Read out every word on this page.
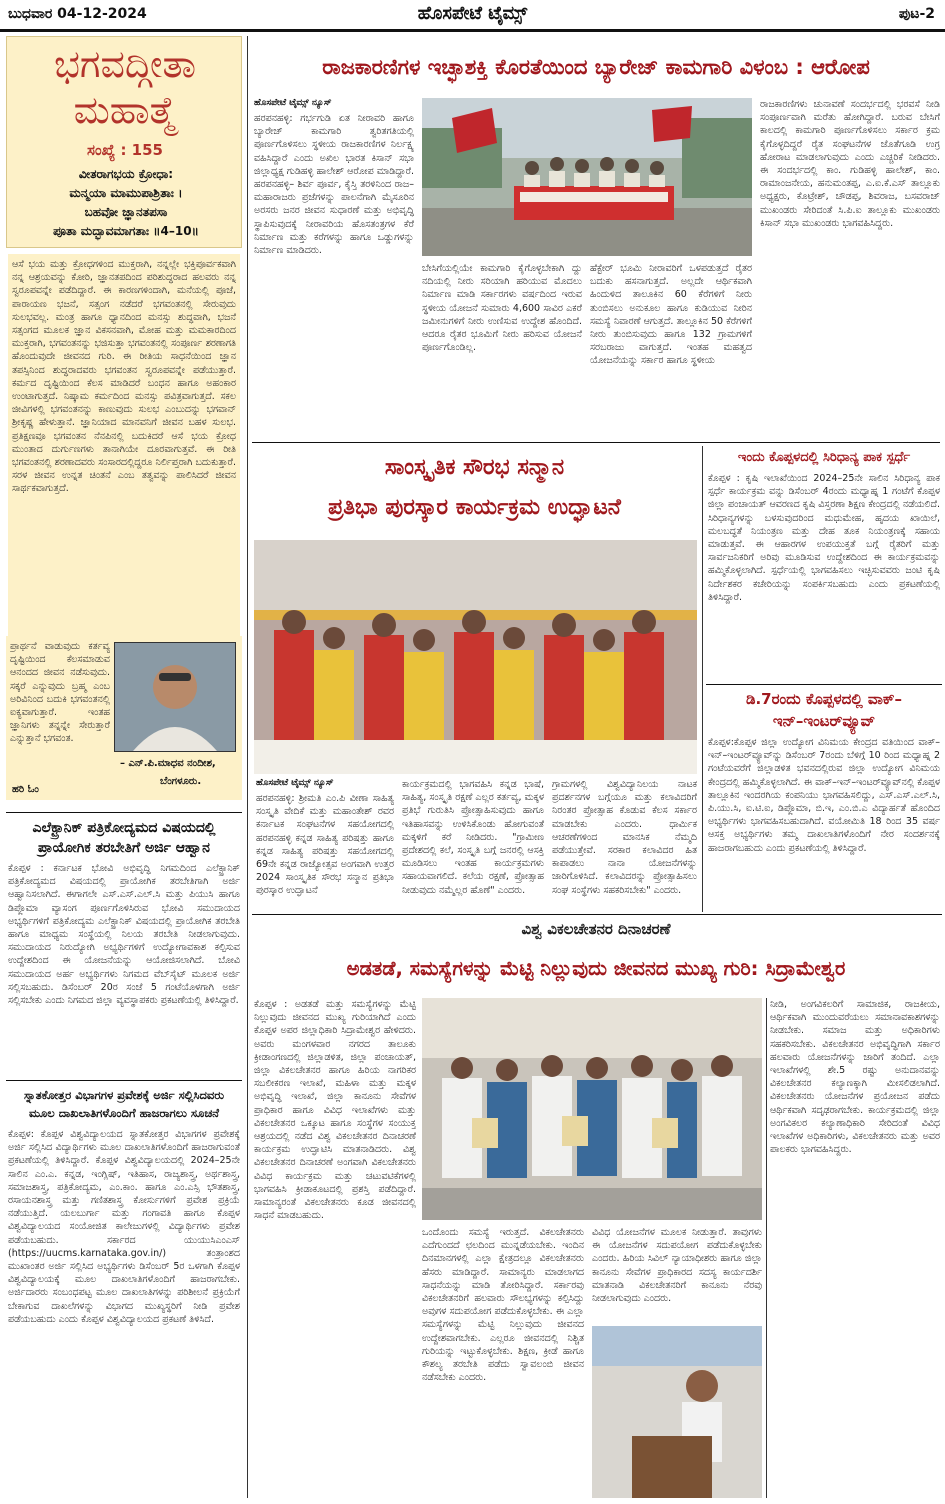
ಬುಧವಾರ 04-12-2024	ಹೊಸಪೇಟೆ ಟೈಮ್ಸ್	ಪುಟ-2
ಭಗವದ್ಗೀತಾ
ಮಹಾತ್ಮೆ
ಸಂಖ್ಯೆ : 155
ವೀತರಾಗಭಯ ಕ್ರೋಧಾ:
ಮನ್ಮಯಾ ಮಾಮುಪಾಶ್ರಿತಾಃ ।
ಬಹವೋ ಜ್ಞಾನತಪಸಾ
ಪೂತಾ ಮದ್ಭಾವಮಾಗತಾಃ ॥4–10॥
ಆಸೆ ಭಯ ಮತ್ತು ಕ್ರೋಧಗಳಿಂದ ಮುಕ್ತರಾಗಿ, ನನ್ನಲ್ಲೇ ಭಕ್ತಿಪೂರ್ವಕವಾಗಿ ನನ್ನ ಆಶ್ರಯವನ್ನು ಕೋರಿ, ಜ್ಞಾನತಪದಿಂದ ಪರಿಶುದ್ಧರಾದ ಹಲವರು ನನ್ನ ಸ್ವರೂಪವನ್ನೇ ಪಡೆದಿದ್ದಾರೆ. ಈ ಕಾರಣಗಳಿಂದಾಗಿ, ಮನೆಯಲ್ಲಿ ಪೂಜೆ, ಪಾರಾಯಣ ಭಜನೆ, ಸತ್ಸಂಗ ನಡೆದರೆ ಭಗವಂತನಲ್ಲಿ ಸೇರುವುದು ಸುಲಭವಲ್ಲ. ಮಂತ್ರ ಹಾಗೂ ಧ್ಯಾನದಿಂದ ಮನಸ್ಸು ಶುದ್ಧವಾಗಿ, ಭಜನೆ ಸತ್ಸಂಗದ ಮೂಲಕ ಜ್ಞಾನ ವಿಕಸನವಾಗಿ, ಮೋಹ ಮತ್ತು ಮಮಕಾರದಿಂದ ಮುಕ್ತರಾಗಿ, ಭಗವಂತನನ್ನು ಭಜಿಸುತ್ತಾ ಭಗವಂತನಲ್ಲಿ ಸಂಪೂರ್ಣ ಶರಣಾಗತಿ ಹೊಂದುವುದೇ ಜೀವನದ ಗುರಿ. ಈ ರೀತಿಯ ಸಾಧನೆಯಿಂದ ಜ್ಞಾನ ತಪಸ್ಸಿನಿಂದ ಶುದ್ಧರಾದವರು ಭಗವಂತನ ಸ್ವರೂಪವನ್ನೇ ಪಡೆಯುತ್ತಾರೆ. ಕರ್ಮದ ದೃಷ್ಟಿಯಿಂದ ಕೆಲಸ ಮಾಡಿದರೆ ಬಂಧನ ಹಾಗೂ ಅಹಂಕಾರ ಉಂಟಾಗುತ್ತದೆ. ನಿಷ್ಕಾಮ ಕರ್ಮದಿಂದ ಮನಸ್ಸು ಪವಿತ್ರವಾಗುತ್ತದೆ. ಸಕಲ ಜೀವಿಗಳಲ್ಲಿ ಭಗವಂತನನ್ನು ಕಾಣುವುದು ಸುಲಭ ಎಂಬುದನ್ನು ಭಗವಾನ್ ಶ್ರೀಕೃಷ್ಣ ಹೇಳುತ್ತಾನೆ. ಜ್ಞಾನಿಯಾದ ಮಾನವನಿಗೆ ಜೀವನ ಬಹಳ ಸುಲಭ. ಪ್ರತಿಕ್ಷಣವೂ ಭಗವಂತನ ನೆನಪಿನಲ್ಲಿ ಬದುಕಿದರೆ ಆಸೆ ಭಯ ಕ್ರೋಧ ಮುಂತಾದ ದುರ್ಗುಣಗಳು ತಾನಾಗಿಯೇ ದೂರವಾಗುತ್ತವೆ. ಈ ರೀತಿ ಭಗವಂತನಲ್ಲಿ ಶರಣಾದವರು ಸಂಸಾರದಲ್ಲಿದ್ದರೂ ನಿರ್ಲಿಪ್ತರಾಗಿ ಬದುಕುತ್ತಾರೆ. ಸರಳ ಜೀವನ ಉನ್ನತ ಚಿಂತನೆ ಎಂಬ ತತ್ವವನ್ನು ಪಾಲಿಸಿದರೆ ಜೀವನ ಸಾರ್ಥಕವಾಗುತ್ತದೆ.
ಪ್ರಾರ್ಥನೆ ವಾಡುವುದು ಕರ್ತವ್ಯ ದೃಷ್ಟಿಯಿಂದ ಕೆಲಸಮಾಡುವ ಆನಂದದ ಜೀವನ ನಡೆಸುವುದು. ಸಕ್ಕರೆ ಎನ್ನುವುದು ಬ್ರಹ್ಮ ಎಂಬ ಅರಿವಿನಿಂದ ಬದುಕಿ ಭಗವಂತನಲ್ಲಿ ಐಕ್ಯವಾಗುತ್ತಾರೆ. ಇಂತಹ ಜ್ಞಾನಿಗಳು ತನ್ನನ್ನೇ ಸೇರುತ್ತಾರೆ ಎನ್ನುತ್ತಾನೆ ಭಗವಂತ.
– ಎನ್.ಪಿ.ಮಾಧವ ನಂದೀಶ,
ಬೆಂಗಳೂರು.
ಹರಿ ಓಂ
ಎಲೆಕ್ಟ್ರಾನಿಕ್ ಪತ್ರಿಕೋದ್ಯಮದ ವಿಷಯದಲ್ಲಿ
ಪ್ರಾಯೋಗಿಕ ತರಬೇತಿಗೆ ಅರ್ಜಿ ಆಹ್ವಾನ
ಕೊಪ್ಪಳ : ಕರ್ನಾಟಕ ಭೋವಿ ಅಭಿವೃದ್ಧಿ ನಿಗಮದಿಂದ ಎಲೆಕ್ಟ್ರಾನಿಕ್ ಪತ್ರಿಕೋದ್ಯಮದ ವಿಷಯದಲ್ಲಿ ಪ್ರಾಯೋಗಿಕ ತರಬೇತಿಗಾಗಿ ಅರ್ಜಿ ಆಹ್ವಾನಿಸಲಾಗಿದೆ. ಈಗಾಗಲೇ ಎಸ್.ಎಸ್.ಎಲ್.ಸಿ ಮತ್ತು ಪಿಯುಸಿ ಹಾಗೂ ಡಿಪ್ಲೊಮಾ ವ್ಯಾಸಂಗ ಪೂರ್ಣಗೊಳಿಸಿರುವ ಭೋವಿ ಸಮುದಾಯದ ಅಭ್ಯರ್ಥಿಗಳಿಗೆ ಪತ್ರಿಕೋದ್ಯಮ ಎಲೆಕ್ಟ್ರಾನಿಕ್ ವಿಷಯದಲ್ಲಿ ಪ್ರಾಯೋಗಿಕ ತರಬೇತಿ ಹಾಗೂ ಮಾಧ್ಯಮ ಸಂಸ್ಥೆಯಲ್ಲಿ ನಿಲಯ ತರಬೇತಿ ನೀಡಲಾಗುವುದು. ಸಮುದಾಯದ ನಿರುದ್ಯೋಗಿ ಅಭ್ಯರ್ಥಿಗಳಿಗೆ ಉದ್ಯೋಗಾವಕಾಶ ಕಲ್ಪಿಸುವ ಉದ್ದೇಶದಿಂದ ಈ ಯೋಜನೆಯನ್ನು ಆಯೋಜಿಸಲಾಗಿದೆ. ಬೋವಿ ಸಮುದಾಯದ ಅರ್ಹ ಅಭ್ಯರ್ಥಿಗಳು ನಿಗಮದ ವೆಬ್‌ಸೈಟ್ ಮೂಲಕ ಅರ್ಜಿ ಸಲ್ಲಿಸಬಹುದು. ಡಿಸೆಂಬರ್ 20ರ ಸಂಜೆ 5 ಗಂಟೆಯೊಳಗಾಗಿ ಅರ್ಜಿ ಸಲ್ಲಿಸಬೇಕು ಎಂದು ನಿಗಮದ ಜಿಲ್ಲಾ ವ್ಯವಸ್ಥಾಪಕರು ಪ್ರಕಟಣೆಯಲ್ಲಿ ತಿಳಿಸಿದ್ದಾರೆ.
ಸ್ನಾತಕೋತ್ತರ ವಿಭಾಗಗಳ ಪ್ರವೇಶಕ್ಕೆ ಅರ್ಜಿ ಸಲ್ಲಿಸಿದವರು
ಮೂಲ ದಾಖಲಾತಿಗಳೊಂದಿಗೆ ಹಾಜರಾಗಲು ಸೂಚನೆ
ಕೊಪ್ಪಳ: ಕೊಪ್ಪಳ ವಿಶ್ವವಿದ್ಯಾಲಯದ ಸ್ನಾತಕೋತ್ತರ ವಿಭಾಗಗಳ ಪ್ರವೇಶಕ್ಕೆ ಅರ್ಜಿ ಸಲ್ಲಿಸಿದ ವಿದ್ಯಾರ್ಥಿಗಳು ಮೂಲ ದಾಖಲಾತಿಗಳೊಂದಿಗೆ ಹಾಜರಾಗುವಂತೆ ಪ್ರಕಟಣೆಯಲ್ಲಿ ತಿಳಿಸಿದ್ದಾರೆ. ಕೊಪ್ಪಳ ವಿಶ್ವವಿದ್ಯಾಲಯದಲ್ಲಿ 2024–25ನೇ ಸಾಲಿನ ಎಂ.ಎ. ಕನ್ನಡ, ಇಂಗ್ಲಿಷ್, ಇತಿಹಾಸ, ರಾಜ್ಯಶಾಸ್ತ್ರ, ಅರ್ಥಶಾಸ್ತ್ರ, ಸಮಾಜಶಾಸ್ತ್ರ, ಪತ್ರಿಕೋದ್ಯಮ, ಎಂ.ಕಾಂ. ಹಾಗೂ ಎಂ.ಎಸ್ಸಿ ಭೌತಶಾಸ್ತ್ರ, ರಸಾಯನಶಾಸ್ತ್ರ ಮತ್ತು ಗಣಿತಶಾಸ್ತ್ರ ಕೋರ್ಸುಗಳಿಗೆ ಪ್ರವೇಶ ಪ್ರಕ್ರಿಯೆ ನಡೆಯುತ್ತಿದೆ. ಯಲಬುರ್ಗಾ ಮತ್ತು ಗಂಗಾವತಿ ಹಾಗೂ ಕೊಪ್ಪಳ ವಿಶ್ವವಿದ್ಯಾಲಯದ ಸಂಯೋಜಿತ ಕಾಲೇಜುಗಳಲ್ಲಿ ವಿದ್ಯಾರ್ಥಿಗಳು ಪ್ರವೇಶ ಪಡೆಯಬಹುದು. ಸರ್ಕಾರದ ಯುಯುಸಿಎಂಎಸ್ (https://uucms.karnataka.gov.in/) ತಂತ್ರಾಂಶದ ಮುಖಾಂತರ ಅರ್ಜಿ ಸಲ್ಲಿಸಿದ ಅಭ್ಯರ್ಥಿಗಳು ಡಿಸೆಂಬರ್ 5ರ ಒಳಗಾಗಿ ಕೊಪ್ಪಳ ವಿಶ್ವವಿದ್ಯಾಲಯಕ್ಕೆ ಮೂಲ ದಾಖಲಾತಿಗಳೊಂದಿಗೆ ಹಾಜರಾಗಬೇಕು. ಅರ್ಜಿದಾರರು ಸಂಬಂಧಪಟ್ಟ ಮೂಲ ದಾಖಲಾತಿಗಳನ್ನು ಪರಿಶೀಲನೆ ಪ್ರಕ್ರಿಯೆಗೆ ಬೇಕಾಗುವ ದಾಖಲೆಗಳನ್ನು ವಿಭಾಗದ ಮುಖ್ಯಸ್ಥರಿಗೆ ನೀಡಿ ಪ್ರವೇಶ ಪಡೆಯಬಹುದು ಎಂದು ಕೊಪ್ಪಳ ವಿಶ್ವವಿದ್ಯಾಲಯದ ಪ್ರಕಟಣೆ ತಿಳಿಸಿದೆ.
ರಾಜಕಾರಣಿಗಳ ಇಚ್ಛಾಶಕ್ತಿ ಕೊರತೆಯಿಂದ ಬ್ಯಾರೇಜ್ ಕಾಮಗಾರಿ ವಿಳಂಬ : ಆರೋಪ
ಹೊಸಪೇಟೆ ಟೈಮ್ಸ್ ನ್ಯೂಸ್
ಹರಪನಹಳ್ಳಿ: ಗರ್ಭಗುಡಿ ಏತ ನೀರಾವರಿ ಹಾಗೂ ಬ್ಯಾರೇಜ್ ಕಾಮಗಾರಿ ತ್ವರಿತಗತಿಯಲ್ಲಿ ಪೂರ್ಣಗೊಳಿಸಲು ಸ್ಥಳೀಯ ರಾಜಕಾರಣಿಗಳ ನಿರ್ಲಕ್ಷ್ಯ ವಹಿಸಿದ್ದಾರೆ ಎಂದು ಅಖಿಲ ಭಾರತ ಕಿಸಾನ್ ಸಭಾ ಜಿಲ್ಲಾಧ್ಯಕ್ಷ ಗುಡಿಹಳ್ಳಿ ಹಾಲೇಶ್ ಆರೋಪ ಮಾಡಿದ್ದಾರೆ. ಹರಪನಹಳ್ಳಿ– ಶಿರ್ವ ಪೂರ್ವ, ಕೈಸ್ತಿ ತರಳಿನಿಂದ ರಾಜ–ಮಹಾರಾಜರು ಪ್ರಜೆಗಳನ್ನು ಪಾಲನೆಗಾಗಿ ಮೈಸೂರಿನ ಅರಸರು ಜನರ ಜೀವನ ಸುಧಾರಣೆ ಮತ್ತು ಅಭಿವೃದ್ಧಿ ಸ್ಥಾಪಿಸುವುದಕ್ಕೆ ನೀರಾವರಿಯ ಹೊಸತಂತ್ರಗಳ ಕೆರೆ ನಿರ್ಮಾಣ ಮತ್ತು ಕರೆಗಳನ್ನು ಹಾಗೂ ಒಡ್ಡುಗಳನ್ನು ನಿರ್ಮಾಣ ಮಾಡಿದರು.
ಬೇಸಿಗೆಯಲ್ಲಿಯೇ ಕಾಮಗಾರಿ ಕೈಗೊಳ್ಳಬೇಕಾಗಿ ದ್ದು ನದಿಯಲ್ಲಿ ನೀರು ಸರಿಯಾಗಿ ಹರಿಯುವ ಮೊದಲು ನಿರ್ಮಾಣ ಮಾಡಿ ಸರ್ಕಾರಗಳು ವರ್ಷದಿಂದ ಇರುವ ಸ್ಥಳೀಯ ಯೋಜನೆ ಸುಮಾರು 4,600 ಸಾವಿರ ಎಕರೆ ಜಮೀನುಗಳಿಗೆ ನೀರು ಉಣಿಸುವ ಉದ್ದೇಶ ಹೊಂದಿದೆ. ಆದರೂ ರೈತರ ಭೂಮಿಗೆ ನೀರು ಹರಿಸುವ ಯೋಜನೆ ಪೂರ್ಣಗೊಂಡಿಲ್ಲ.
ಹೆಕ್ಟೇರ್ ಭೂಮಿ ನೀರಾವರಿಗೆ ಒಳಪಡುತ್ತದೆ ರೈತರ ಬದುಕು ಹಸನಾಗುತ್ತದೆ. ಅಲ್ಲದೇ ಆರ್ಥಿಕವಾಗಿ ಹಿಂದುಳಿದ ತಾಲೂಕಿನ 60 ಕೆರೆಗಳಿಗೆ ನೀರು ತುಂಬಿಸಲು ಅನುಕೂಲ ಹಾಗೂ ಕುಡಿಯುವ ನೀರಿನ ಸಮಸ್ಯೆ ನಿವಾರಣೆ ಆಗುತ್ತದೆ. ತಾಲ್ಲೂಕಿನ 50 ಕೆರೆಗಳಿಗೆ ನೀರು ತುಂಬಿಸುವುದು ಹಾಗೂ 132 ಗ್ರಾಮಗಳಿಗೆ ಸರಬರಾಜು ವಾಗುತ್ತದೆ. ಇಂತಹ ಮಹತ್ವದ ಯೋಜನೆಯನ್ನು ಸರ್ಕಾರ ಹಾಗೂ ಸ್ಥಳೀಯ
ರಾಜಕಾರಣಿಗಳು ಚುನಾವಣೆ ಸಂದರ್ಭದಲ್ಲಿ ಭರವಸೆ ನೀಡಿ ಸಂಪೂರ್ಣವಾಗಿ ಮರೆತು ಹೋಗಿದ್ದಾರೆ. ಬರುವ ಬೇಸಿಗೆ ಕಾಲದಲ್ಲಿ ಕಾಮಗಾರಿ ಪೂರ್ಣಗೊಳಿಸಲು ಸರ್ಕಾರ ಕ್ರಮ ಕೈಗೊಳ್ಳದಿದ್ದರೆ ರೈತ ಸಂಘಟನೆಗಳ ಜೊತೆಗೂಡಿ ಉಗ್ರ ಹೋರಾಟ ಮಾಡಲಾಗುವುದು ಎಂದು ಎಚ್ಚರಿಕೆ ನೀಡಿದರು. ಈ ಸಂದರ್ಭದಲ್ಲಿ ಕಾಂ. ಗುಡಿಹಳ್ಳಿ ಹಾಲೇಶ್, ಕಾಂ. ರಾಮಾಂಜನೇಯ, ಹನುಮಂತಪ್ಪ, ಎ.ಐ.ಕೆ.ಎಸ್ ತಾಲ್ಲೂಕು ಅಧ್ಯಕ್ಷರು, ಕೊಟ್ರೇಶ್, ಚೌಡಪ್ಪ, ಶಿವರಾಜ, ಬಸವರಾಜ್ ಮುಖಂಡರು ಸೇರಿದಂತೆ ಸಿ.ಪಿ.ಐ ತಾಲ್ಲೂಕು ಮುಖಂಡರು ಕಿಸಾನ್ ಸಭಾ ಮುಖಂಡರು ಭಾಗವಹಿಸಿದ್ದರು.
ಸಾಂಸ್ಕೃತಿಕ ಸೌರಭ ಸನ್ಮಾನ
ಪ್ರತಿಭಾ ಪುರಸ್ಕಾರ ಕಾರ್ಯಕ್ರಮ ಉದ್ಘಾಟನೆ
ಹೊಸಪೇಟೆ ಟೈಮ್ಸ್ ನ್ಯೂಸ್
ಹರಪನಹಳ್ಳಿ: ಶ್ರೀಮತಿ ಎಂ.ಪಿ ವೀಣಾ ಸಾಹಿತ್ಯ ಸಂಸ್ಕೃತಿ ವೇದಿಕೆ ಮತ್ತು ಮಹಾಂತೇಶ್ ರವರ ಕರ್ನಾಟಕ ಸಂಘಟನೆಗಳ ಸಹಯೋಗದಲ್ಲಿ ಹರಪನಹಳ್ಳಿ ಕನ್ನಡ ಸಾಹಿತ್ಯ ಪರಿಷತ್ತು ಹಾಗೂ ಕನ್ನಡ ಸಾಹಿತ್ಯ ಪರಿಷತ್ತು ಸಹಯೋಗದಲ್ಲಿ 69ನೇ ಕನ್ನಡ ರಾಜ್ಯೋತ್ಸವ ಅಂಗವಾಗಿ ಉತ್ತರ 2024 ಸಾಂಸ್ಕೃತಿಕ ಸೌರಭ ಸನ್ಮಾನ ಪ್ರತಿಭಾ ಪುರಸ್ಕಾರ ಉದ್ಘಾಟನೆ
ಕಾರ್ಯಕ್ರಮದಲ್ಲಿ ಭಾಗವಹಿಸಿ ಕನ್ನಡ ಭಾಷೆ, ಸಾಹಿತ್ಯ, ಸಂಸ್ಕೃತಿ ರಕ್ಷಣೆ ಎಲ್ಲರ ಕರ್ತವ್ಯ, ಮಕ್ಕಳ ಪ್ರತಿಭೆ ಗುರುತಿಸಿ ಪ್ರೋತ್ಸಾಹಿಸುವುದು ಹಾಗೂ ಇತಿಹಾಸವನ್ನು ಉಳಿಸಿಕೊಂಡು ಹೋಗುವಂತೆ ಮಕ್ಕಳಿಗೆ ಕರೆ ನೀಡಿದರು. "ಗ್ರಾಮೀಣ ಪ್ರದೇಶದಲ್ಲಿ ಕಲೆ, ಸಂಸ್ಕೃತಿ ಬಗ್ಗೆ ಜನರಲ್ಲಿ ಆಸಕ್ತಿ ಮೂಡಿಸಲು ಇಂತಹ ಕಾರ್ಯಕ್ರಮಗಳು ಸಹಾಯವಾಗಲಿದೆ. ಕಲೆಯ ರಕ್ಷಣೆ, ಪ್ರೋತ್ಸಾಹ ನೀಡುವುದು ನಮ್ಮೆಲ್ಲರ ಹೊಣೆ" ಎಂದರು.
ಗ್ರಾಮಗಳಲ್ಲಿ ವಿಶ್ವವಿದ್ಯಾನಿಲಯ ನಾಟಕ ಪ್ರದರ್ಶನಗಳ ಬಗ್ಗೆಯೂ ಮತ್ತು ಕಲಾವಿದರಿಗೆ ನಿರಂತರ ಪ್ರೋತ್ಸಾಹ ಕೊಡುವ ಕೆಲಸ ಸರ್ಕಾರ ಮಾಡಬೇಕು ಎಂದರು. ಧಾರ್ಮಿಕ ಆಚರಣೆಗಳಿಂದ ಮಾನಸಿಕ ನೆಮ್ಮದಿ ಪಡೆಯುತ್ತೇವೆ. ಸರಕಾರ ಕಲಾವಿದರ ಹಿತ ಕಾಪಾಡಲು ನಾನಾ ಯೋಜನೆಗಳನ್ನು ಜಾರಿಗೊಳಿಸಿದೆ. ಕಲಾವಿದರನ್ನು ಪ್ರೋತ್ಸಾಹಿಸಲು ಸಂಘ ಸಂಸ್ಥೆಗಳು ಸಹಕರಿಸಬೇಕು" ಎಂದರು.
ಇಂದು ಕೊಪ್ಪಳದಲ್ಲಿ ಸಿರಿಧಾನ್ಯ ಪಾಕ ಸ್ಪರ್ಧೆ
ಕೊಪ್ಪಳ : ಕೃಷಿ ಇಲಾಖೆಯಿಂದ 2024–25ನೇ ಸಾಲಿನ ಸಿರಿಧಾನ್ಯ ಪಾಕ ಸ್ಪರ್ಧೆ ಕಾರ್ಯಕ್ರಮ ವನ್ನು ಡಿಸೆಂಬರ್ 4ರಂದು ಮಧ್ಯಾಹ್ನ 1 ಗಂಟೆಗೆ ಕೊಪ್ಪಳ ಜಿಲ್ಲಾ ಪಂಚಾಯತ್ ಆವರಣದ ಕೃಷಿ ವಿಸ್ತರಣಾ ಶಿಕ್ಷಣ ಕೇಂದ್ರದಲ್ಲಿ ನಡೆಯಲಿದೆ. ಸಿರಿಧಾನ್ಯಗಳನ್ನು ಬಳಸುವುದರಿಂದ ಮಧುಮೇಹ, ಹೃದಯ ಖಾಯಿಲೆ, ಮಲಬದ್ಧತೆ ನಿಯಂತ್ರಣ ಮತ್ತು ದೇಹ ತೂಕ ನಿಯಂತ್ರಣಕ್ಕೆ ಸಹಾಯ ಮಾಡುತ್ತವೆ. ಈ ಆಹಾರಗಳ ಉಪಯುಕ್ತತೆ ಬಗ್ಗೆ ರೈತರಿಗೆ ಮತ್ತು ಸಾರ್ವಜನಿಕರಿಗೆ ಅರಿವು ಮೂಡಿಸುವ ಉದ್ದೇಶದಿಂದ ಈ ಕಾರ್ಯಕ್ರಮವನ್ನು ಹಮ್ಮಿಕೊಳ್ಳಲಾಗಿದೆ. ಸ್ಪರ್ಧೆಯಲ್ಲಿ ಭಾಗವಹಿಸಲು ಇಚ್ಛಿಸುವವರು ಜಂಟಿ ಕೃಷಿ ನಿರ್ದೇಶಕರ ಕಚೇರಿಯನ್ನು ಸಂಪರ್ಕಿಸಬಹುದು ಎಂದು ಪ್ರಕಟಣೆಯಲ್ಲಿ ತಿಳಿಸಿದ್ದಾರೆ.
ಡಿ.7ರಂದು ಕೊಪ್ಪಳದಲ್ಲಿ ವಾಕ್–
ಇನ್–ಇಂಟರ್‌ವ್ಯೂವ್
ಕೊಪ್ಪಳ:ಕೊಪ್ಪಳ ಜಿಲ್ಲಾ ಉದ್ಯೋಗ ವಿನಿಮಯ ಕೇಂದ್ರದ ವತಿಯಿಂದ ವಾಕ್–ಇನ್–ಇಂಟರ್‌ವ್ಯೂವ್‌ನ್ನು ಡಿಸೆಂಬರ್ 7ರಂದು ಬೆಳಿಗ್ಗೆ 10 ರಿಂದ ಮಧ್ಯಾಹ್ನ 2 ಗಂಟೆಯವರೆಗೆ ಜಿಲ್ಲಾಡಳಿತ ಭವನದಲ್ಲಿರುವ ಜಿಲ್ಲಾ ಉದ್ಯೋಗ ವಿನಿಮಯ ಕೇಂದ್ರದಲ್ಲಿ ಹಮ್ಮಿಕೊಳ್ಳಲಾಗಿದೆ. ಈ ವಾಕ್–ಇನ್–ಇಂಟರ್‌ವ್ಯೂವ್‌ನಲ್ಲಿ ಕೊಪ್ಪಳ ತಾಲ್ಲೂಕಿನ ಇಂದರಗಿಯ ಕಂಪನಿಯು ಭಾಗವಹಿಸಲಿದ್ದು, ಎಸ್.ಎಸ್.ಎಲ್.ಸಿ, ಪಿ.ಯು.ಸಿ, ಐ.ಟಿ.ಐ, ಡಿಪ್ಲೊಮಾ, ಬಿ.ಇ, ಎಂ.ಬಿ.ಎ ವಿದ್ಯಾರ್ಹತೆ ಹೊಂದಿದ ಅಭ್ಯರ್ಥಿಗಳು ಭಾಗವಹಿಸಬಹುದಾಗಿದೆ. ವಯೋಮಿತಿ 18 ರಿಂದ 35 ವರ್ಷ ಆಸಕ್ತ ಅಭ್ಯರ್ಥಿಗಳು ತಮ್ಮ ದಾಖಲಾತಿಗಳೊಂದಿಗೆ ನೇರ ಸಂದರ್ಶನಕ್ಕೆ ಹಾಜರಾಗಬಹುದು ಎಂದು ಪ್ರಕಟಣೆಯಲ್ಲಿ ತಿಳಿಸಿದ್ದಾರೆ.
ವಿಶ್ವ ವಿಕಲಚೇತನರ ದಿನಾಚರಣೆ
ಅಡತಡೆ, ಸಮಸ್ಯೆಗಳನ್ನು ಮೆಟ್ಟಿ ನಿಲ್ಲುವುದು ಜೀವನದ ಮುಖ್ಯ ಗುರಿ: ಸಿದ್ರಾಮೇಶ್ವರ
ಕೊಪ್ಪಳ : ಅಡತಡೆ ಮತ್ತು ಸಮಸ್ಯೆಗಳನ್ನು ಮೆಟ್ಟಿ ನಿಲ್ಲುವುದು ಜೀವನದ ಮುಖ್ಯ ಗುರಿಯಾಗಿದೆ ಎಂದು ಕೊಪ್ಪಳ ಅಪರ ಜಿಲ್ಲಾಧಿಕಾರಿ ಸಿದ್ರಾಮೇಶ್ವರ ಹೇಳಿದರು. ಅವರು ಮಂಗಳವಾರ ನಗರದ ತಾಲೂಕು ಕ್ರೀಡಾಂಗಣದಲ್ಲಿ ಜಿಲ್ಲಾಡಳಿತ, ಜಿಲ್ಲಾ ಪಂಚಾಯತ್, ಜಿಲ್ಲಾ ವಿಕಲಚೇತನರ ಹಾಗೂ ಹಿರಿಯ ನಾಗರಿಕರ ಸಬಲೀಕರಣ ಇಲಾಖೆ, ಮಹಿಳಾ ಮತ್ತು ಮಕ್ಕಳ ಅಭಿವೃದ್ಧಿ ಇಲಾಖೆ, ಜಿಲ್ಲಾ ಕಾನೂನು ಸೇವೆಗಳ ಪ್ರಾಧಿಕಾರ ಹಾಗೂ ವಿವಿಧ ಇಲಾಖೆಗಳು ಮತ್ತು ವಿಕಲಚೇತನರ ಒಕ್ಕೂಟ ಹಾಗೂ ಸಂಸ್ಥೆಗಳ ಸಂಯುಕ್ತ ಆಶ್ರಯದಲ್ಲಿ ನಡೆದ ವಿಶ್ವ ವಿಕಲಚೇತನರ ದಿನಾಚರಣೆ ಕಾರ್ಯಕ್ರಮ ಉದ್ಘಾಟಿಸಿ ಮಾತನಾಡಿದರು. ವಿಶ್ವ ವಿಕಲಚೇತನರ ದಿನಾಚರಣೆ ಅಂಗವಾಗಿ ವಿಕಲಚೇತನರು ವಿವಿಧ ಕಾರ್ಯಕ್ರಮ ಮತ್ತು ಚಟುವಟಿಕೆಗಳಲ್ಲಿ ಭಾಗವಹಿಸಿ ಕ್ರೀಡಾಕೂಟದಲ್ಲಿ ಪ್ರಶಸ್ತಿ ಪಡೆದಿದ್ದಾರೆ. ಸಾಮಾನ್ಯರಂತೆ ವಿಕಲಚೇತನರು ಕೂಡ ಜೀವನದಲ್ಲಿ ಸಾಧನೆ ಮಾಡಬಹುದು.
ಒಂದೊಂದು ಸಮಸ್ಯೆ ಇರುತ್ತದೆ. ವಿಕಲಚೇತನರು ಎದೆಗುಂದದೆ ಛಲದಿಂದ ಮುನ್ನಡೆಯಬೇಕು. ಇಂದಿನ ದಿನಮಾನಗಳಲ್ಲಿ ಎಲ್ಲಾ ಕ್ಷೇತ್ರದಲ್ಲೂ ವಿಕಲಚೇತನರು ಹೆಸರು ಮಾಡಿದ್ದಾರೆ. ಸಾಮಾನ್ಯರು ಮಾಡಲಾಗದ ಸಾಧನೆಯನ್ನು ಮಾಡಿ ತೋರಿಸಿದ್ದಾರೆ. ಸರ್ಕಾರವು ವಿಕಲಚೇತನರಿಗೆ ಹಲವಾರು ಸೌಲಭ್ಯಗಳನ್ನು ಕಲ್ಪಿಸಿದ್ದು ಅವುಗಳ ಸದುಪಯೋಗ ಪಡೆದುಕೊಳ್ಳಬೇಕು. ಈ ಎಲ್ಲಾ ಸಮಸ್ಯೆಗಳನ್ನು ಮೆಟ್ಟಿ ನಿಲ್ಲುವುದು ಜೀವನದ ಉದ್ದೇಶವಾಗಬೇಕು. ಎಲ್ಲರೂ ಜೀವನದಲ್ಲಿ ನಿಶ್ಚಿತ ಗುರಿಯನ್ನು ಇಟ್ಟುಕೊಳ್ಳಬೇಕು. ಶಿಕ್ಷಣ, ಕ್ರೀಡೆ ಹಾಗೂ ಕೌಶಲ್ಯ ತರಬೇತಿ ಪಡೆದು ಸ್ವಾವಲಂಬಿ ಜೀವನ ನಡೆಸಬೇಕು ಎಂದರು.
ವಿವಿಧ ಯೋಜನೆಗಳ ಮೂಲಕ ನೀಡುತ್ತಾರೆ. ತಾವುಗಳು ಈ ಯೋಜನೆಗಳ ಸದುಪಯೋಗ ಪಡೆದುಕೊಳ್ಳಬೇಕು ಎಂದರು. ಹಿರಿಯ ಸಿವಿಲ್ ನ್ಯಾಯಾಧೀಶರು ಹಾಗೂ ಜಿಲ್ಲಾ ಕಾನೂನು ಸೇವೆಗಳ ಪ್ರಾಧಿಕಾರದ ಸದಸ್ಯ ಕಾರ್ಯದರ್ಶಿ ಮಾತನಾಡಿ ವಿಕಲಚೇತನರಿಗೆ ಕಾನೂನು ನೆರವು ನೀಡಲಾಗುವುದು ಎಂದರು.
ನೀಡಿ, ಅಂಗವಿಕಲರಿಗೆ ಸಾಮಾಜಿಕ, ರಾಜಕೀಯ, ಆರ್ಥಿಕವಾಗಿ ಮುಂದುವರೆಯಲು ಸಮಾನಾವಕಾಶಗಳನ್ನು ನೀಡಬೇಕು. ಸಮಾಜ ಮತ್ತು ಅಧಿಕಾರಿಗಳು ಸಹಕರಿಸಬೇಕು. ವಿಕಲಚೇತನರ ಅಭಿವೃದ್ಧಿಗಾಗಿ ಸರ್ಕಾರ ಹಲವಾರು ಯೋಜನೆಗಳನ್ನು ಜಾರಿಗೆ ತಂದಿದೆ. ಎಲ್ಲಾ ಇಲಾಖೆಗಳಲ್ಲಿ ಶೇ.5 ರಷ್ಟು ಅನುದಾನವನ್ನು ವಿಕಲಚೇತನರ ಕಲ್ಯಾಣಕ್ಕಾಗಿ ಮೀಸಲಿಡಲಾಗಿದೆ. ವಿಕಲಚೇತನರು ಯೋಜನೆಗಳ ಪ್ರಯೋಜನ ಪಡೆದು ಆರ್ಥಿಕವಾಗಿ ಸದೃಢರಾಗಬೇಕು. ಕಾರ್ಯಕ್ರಮದಲ್ಲಿ ಜಿಲ್ಲಾ ಅಂಗವಿಕಲರ ಕಲ್ಯಾಣಾಧಿಕಾರಿ ಸೇರಿದಂತೆ ವಿವಿಧ ಇಲಾಖೆಗಳ ಅಧಿಕಾರಿಗಳು, ವಿಕಲಚೇತನರು ಮತ್ತು ಅವರ ಪಾಲಕರು ಭಾಗವಹಿಸಿದ್ದರು.
